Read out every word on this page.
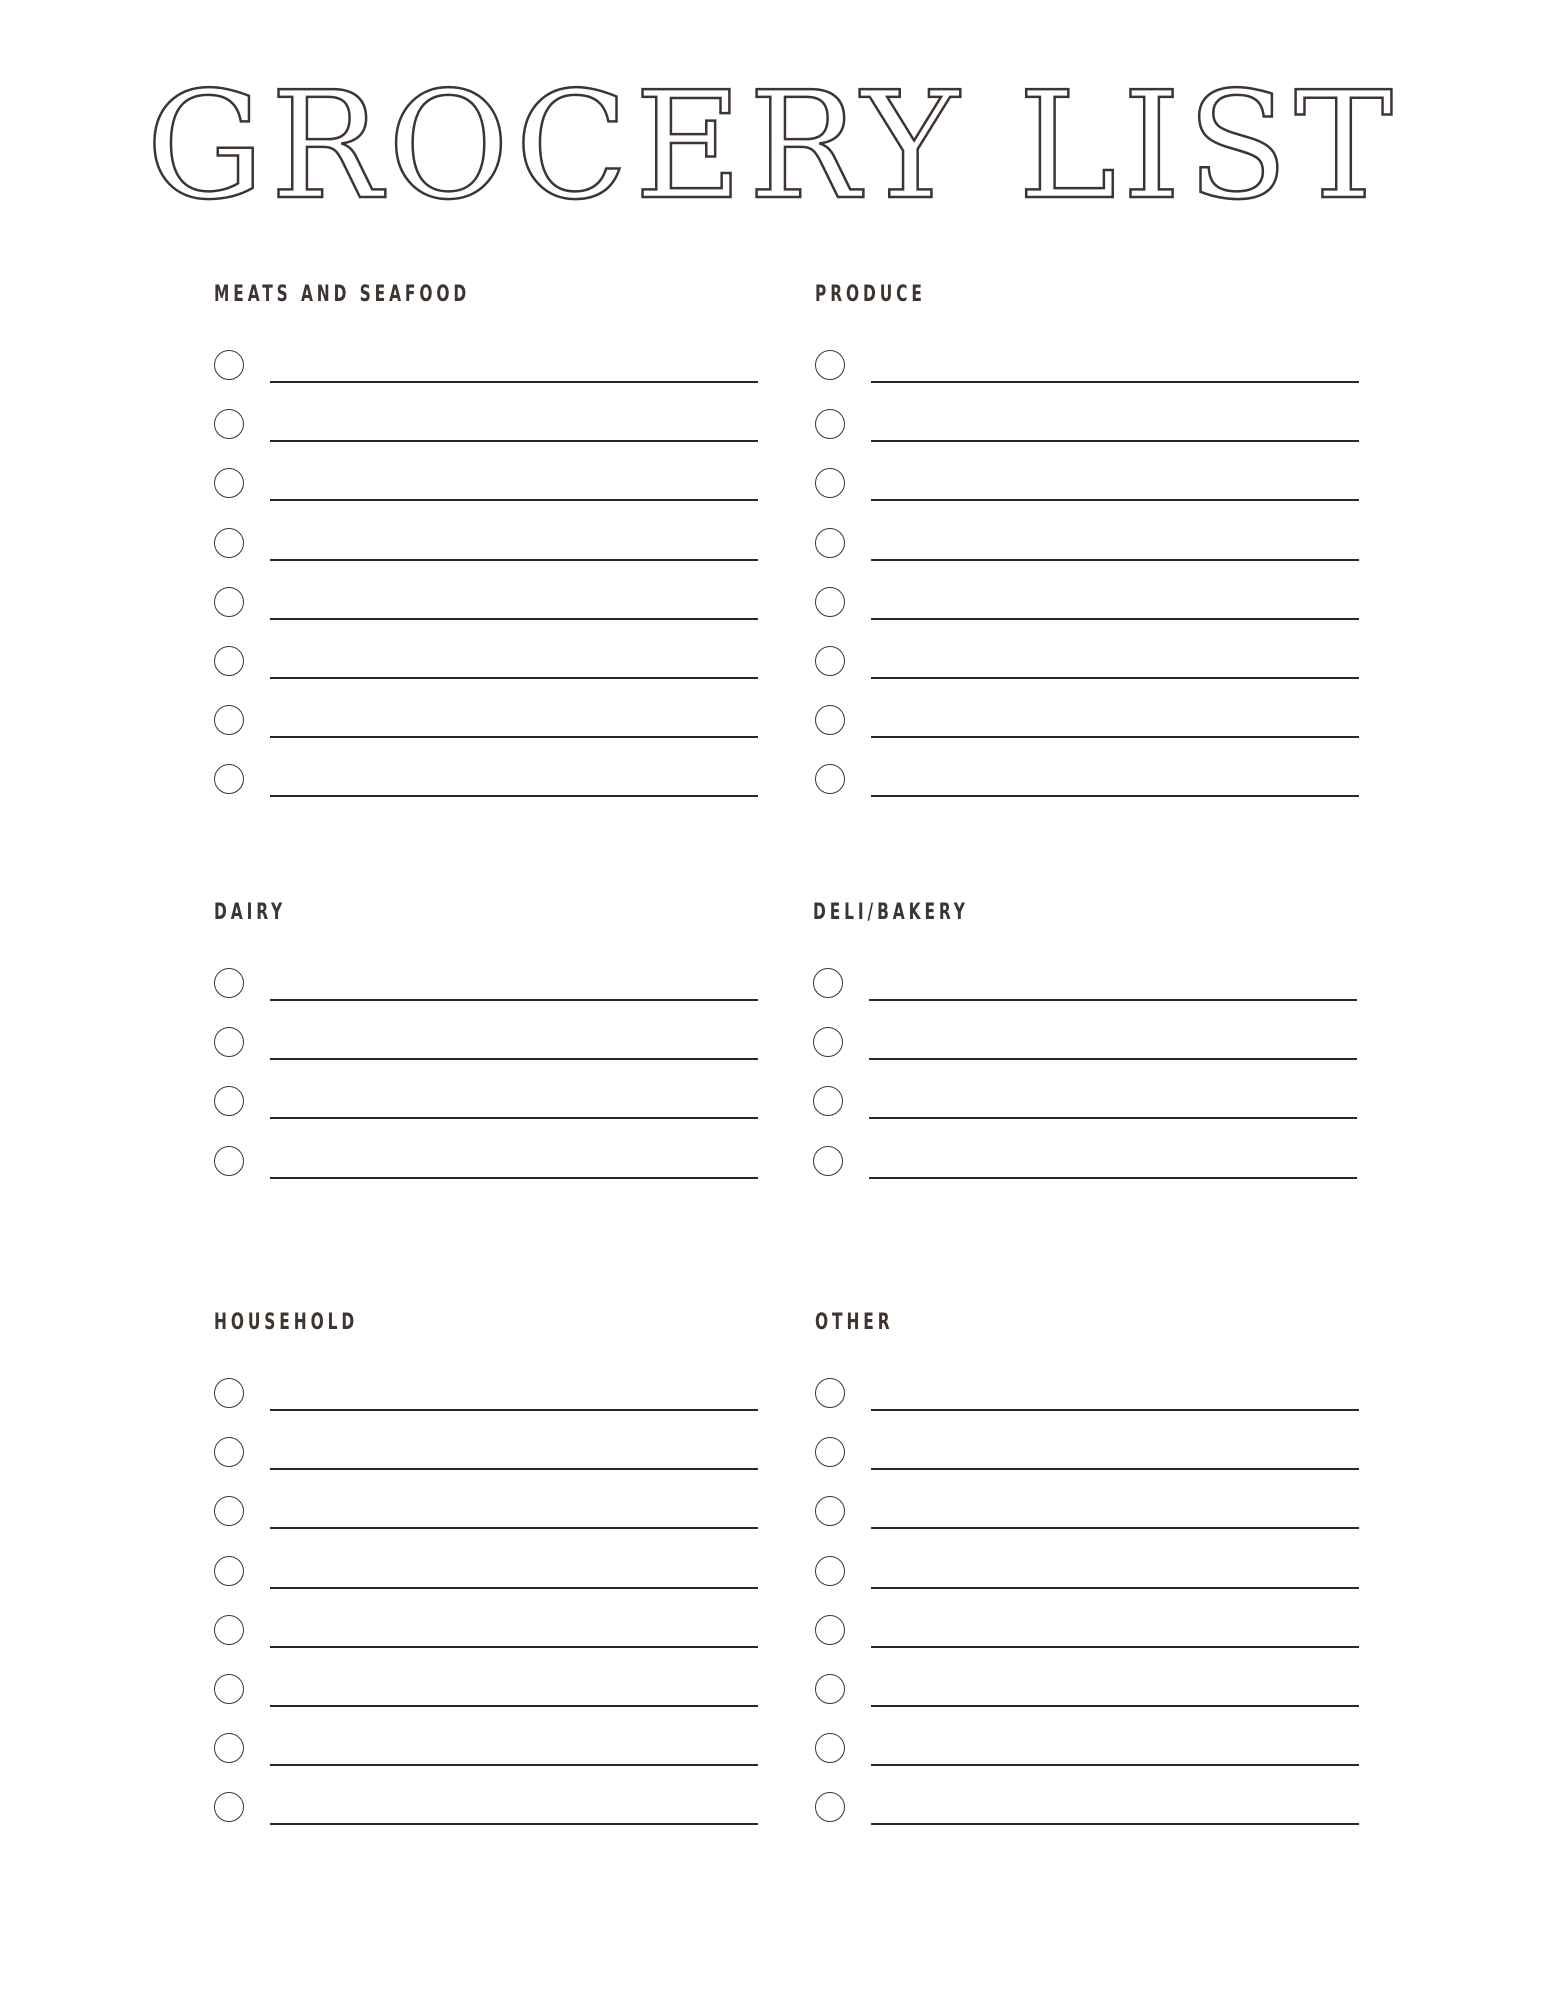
GROCERY LIST
MEATS AND SEAFOOD	PRODUCE
DAIRY	DELI/BAKERY
HOUSEHOLD	OTHER
